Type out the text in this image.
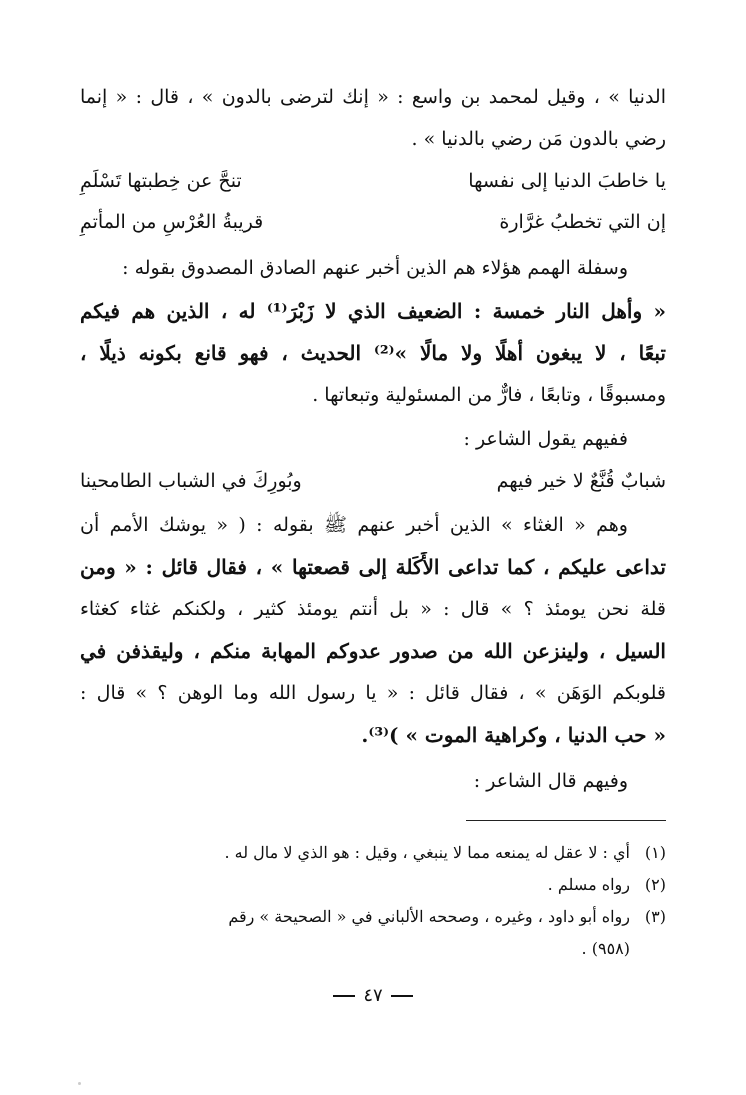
الدنيا » ، وقيل لمحمد بن واسع : « إنك لترضى بالدون » ، قال : « إنما
رضي بالدون مَن رضي بالدنيا » .
يا خاطبَ الدنيا إلى نفسها
تنحَّ عن خِطبتها تَسْلَمِ
إن التي تخطبُ غرَّارة
قريبةُ العُرْسِ من المأتمِ
وسفلة الهمم هؤلاء هم الذين أخبر عنهم الصادق المصدوق بقوله :
« وأهل النار خمسة : الضعيف الذي لا زَبْرَ⁽¹⁾ له ، الذين هم فيكم
تبعًا ، لا يبغون أهلًا ولا مالًا »⁽²⁾ الحديث ، فهو قانع بكونه ذيلًا ،
ومسبوقًا ، وتابعًا ، فارٌّ من المسئولية وتبعاتها .
ففيهم يقول الشاعر :
شبابٌ قُنَّعٌ لا خير فيهم
وبُورِكَ في الشباب الطامحينا
وهم « الغثاء » الذين أخبر عنهم ﷺ بقوله : ( « يوشك الأمم أن
تداعى عليكم ، كما تداعى الأَكَلة إلى قصعتها » ، فقال قائل : « ومن
قلة نحن يومئذ ؟ » قال : « بل أنتم يومئذ كثير ، ولكنكم غثاء كغثاء
السيل ، ولينزعن الله من صدور عدوكم المهابة منكم ، وليقذفن في
قلوبكم الوَهَن » ، فقال قائل : « يا رسول الله وما الوهن ؟ » قال :
« حب الدنيا ، وكراهية الموت » )⁽³⁾.
وفيهم قال الشاعر :
(١)أي : لا عقل له يمنعه مما لا ينبغي ، وقيل : هو الذي لا مال له .
(٢)رواه مسلم .
(٣)رواه أبو داود ، وغيره ، وصححه الألباني في « الصحيحة » رقم
(٩٥٨) .
٤٧
